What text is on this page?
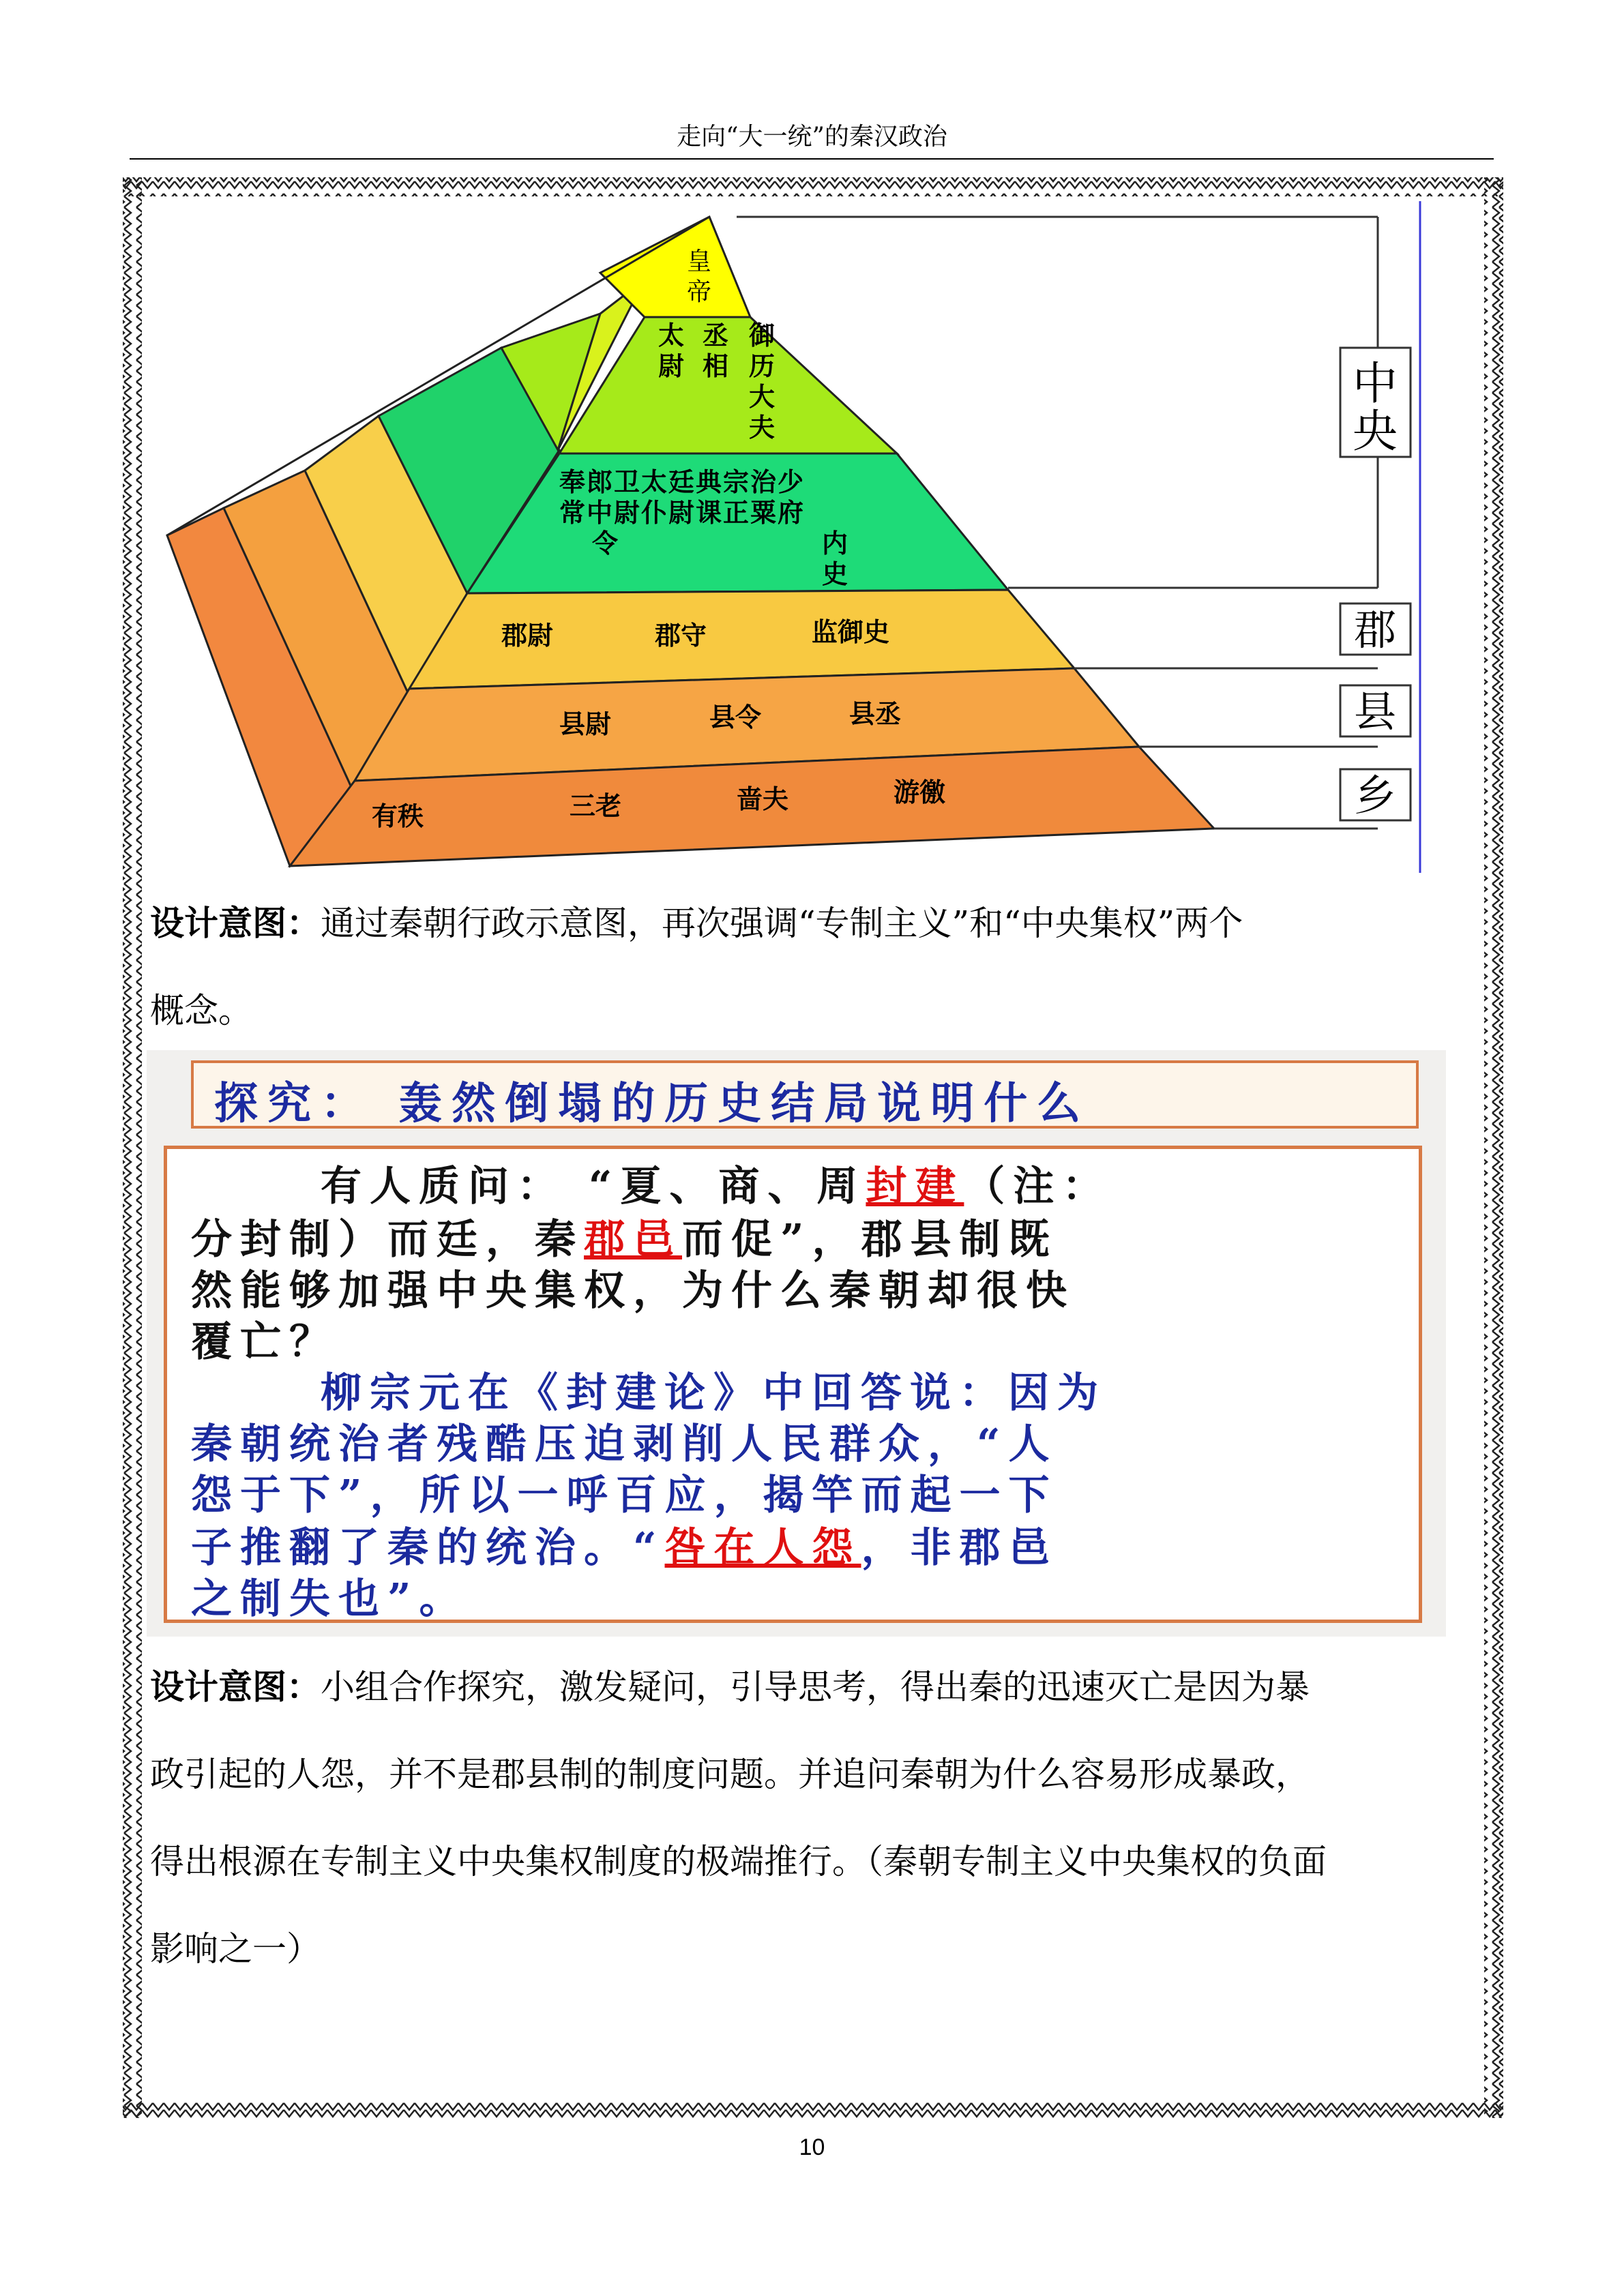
走向“大一统”的秦汉政治
皇
帝
太
尉
丞
相
御
历
大
夫
奉郎卫太廷典宗治少
常中尉仆尉课正粟府
令	内
史
郡尉	郡守	监御史
县尉	县令	县丞
有秩	三老	啬夫	游徼
中
央
郡
县
乡
设计意图：通过秦朝行政示意图，再次强调“专制主义”和“中央集权”两个
概念。
探究： 轰然倒塌的历史结局说明什么
有人质问： “夏、商、周封建（注：
分封制）而廷，秦郡邑而促”，郡县制既
然能够加强中央集权，为什么秦朝却很快
覆亡？
柳宗元在《封建论》中回答说：因为
秦朝统治者残酷压迫剥削人民群众，“人
怨于下”，所以一呼百应，揭竿而起一下
子推翻了秦的统治。“咎在人怨，非郡邑
之制失也”。
设计意图：小组合作探究，激发疑问，引导思考，得出秦的迅速灭亡是因为暴
政引起的人怨，并不是郡县制的制度问题。并追问秦朝为什么容易形成暴政，
得出根源在专制主义中央集权制度的极端推行。（秦朝专制主义中央集权的负面
影响之一）
10
